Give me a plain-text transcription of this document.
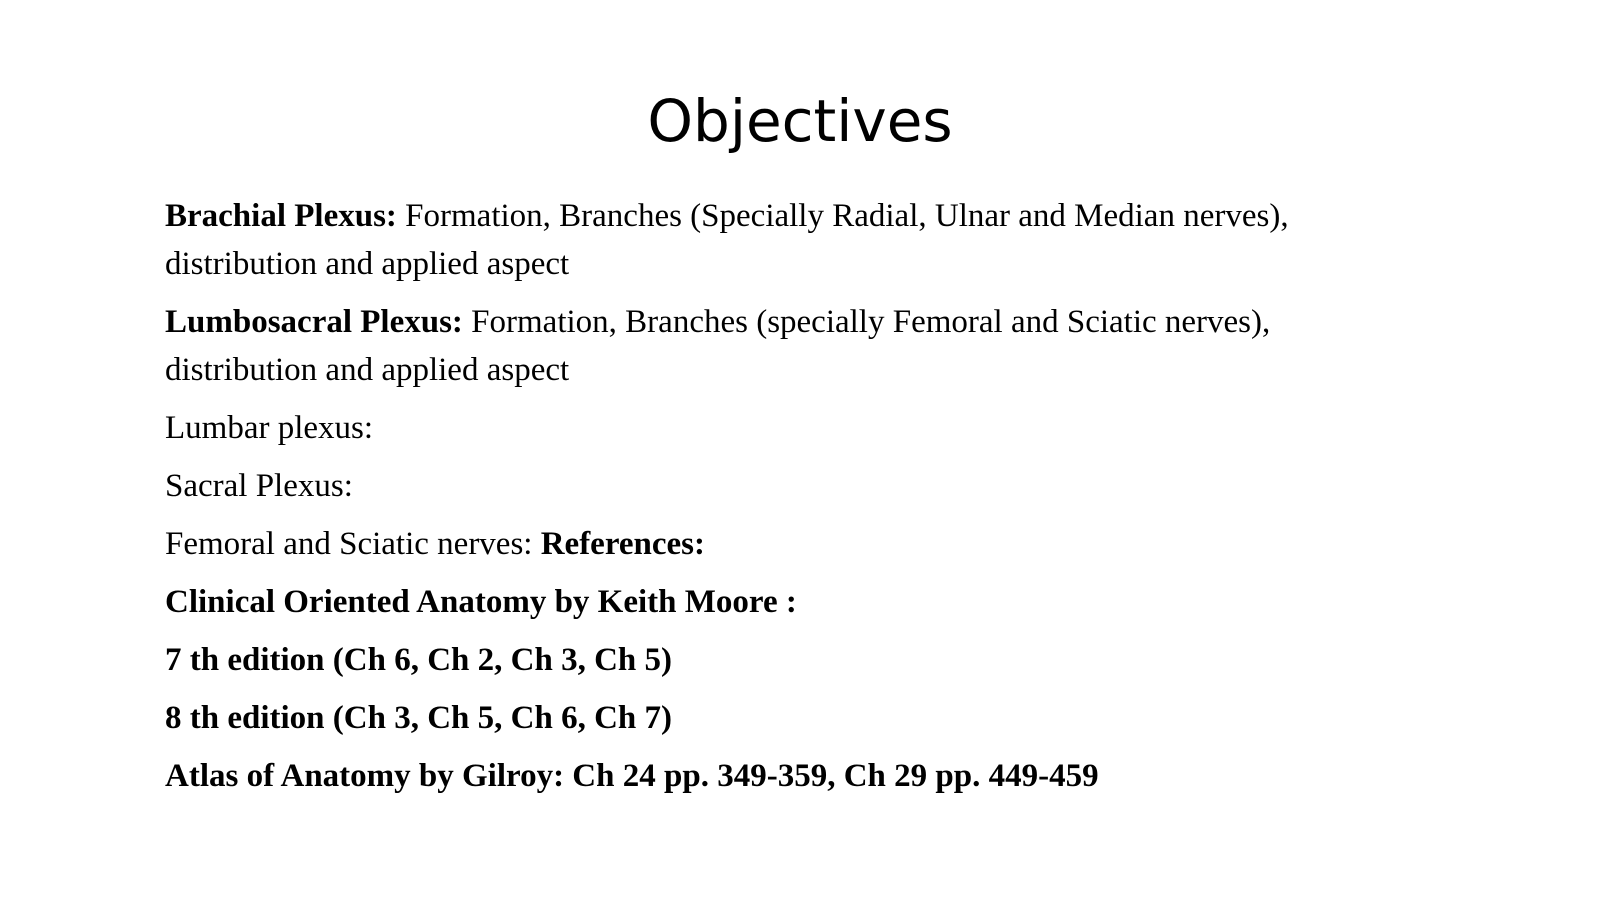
Objectives

Brachial Plexus: Formation, Branches (Specially Radial, Ulnar and Median nerves), distribution and applied aspect

Lumbosacral Plexus: Formation, Branches (specially Femoral and Sciatic nerves), distribution and applied aspect

Lumbar plexus:

Sacral Plexus:

Femoral and Sciatic nerves: References:

Clinical Oriented Anatomy by Keith Moore :

7 th edition (Ch 6, Ch 2, Ch 3, Ch 5)

8 th edition (Ch 3, Ch 5, Ch 6, Ch 7)

Atlas of Anatomy by Gilroy: Ch 24 pp. 349-359, Ch 29 pp. 449-459
